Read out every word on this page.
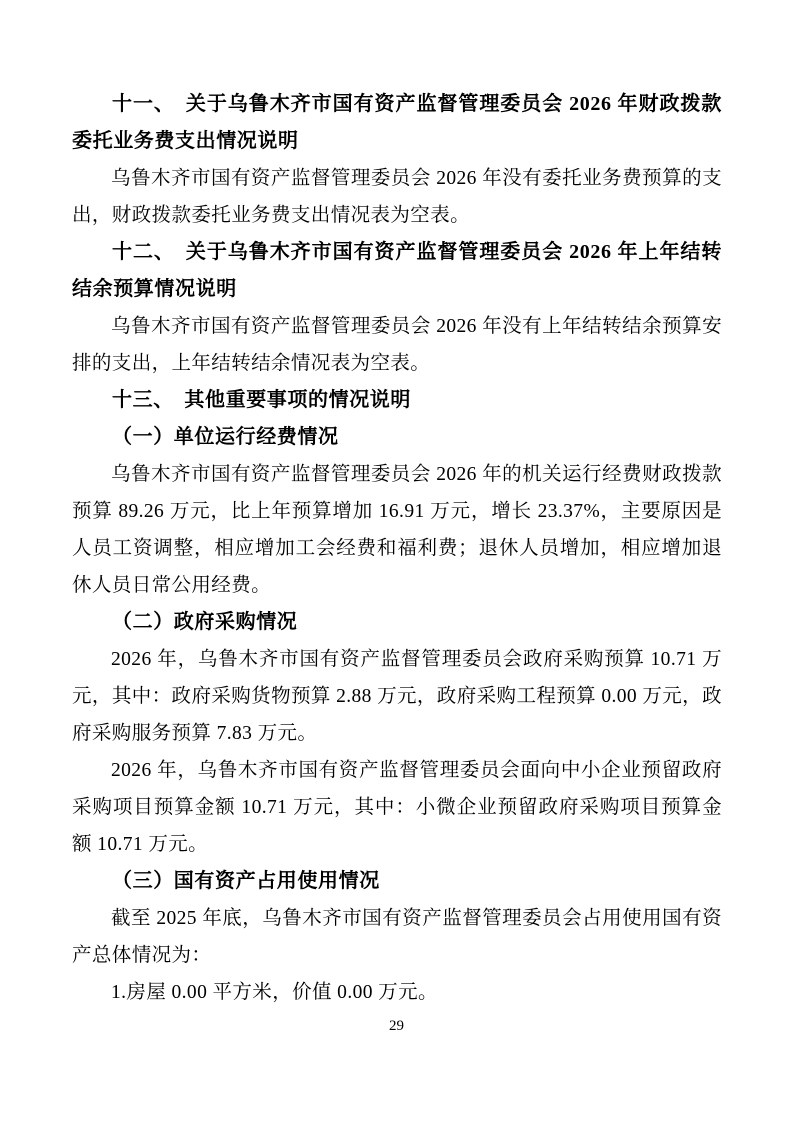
十一、　关于乌鲁木齐市国有资产监督管理委员会 2026 年财政拨款委托业务费支出情况说明

乌鲁木齐市国有资产监督管理委员会 2026 年没有委托业务费预算的支出，财政拨款委托业务费支出情况表为空表。

十二、　关于乌鲁木齐市国有资产监督管理委员会 2026 年上年结转结余预算情况说明

乌鲁木齐市国有资产监督管理委员会 2026 年没有上年结转结余预算安排的支出，上年结转结余情况表为空表。

十三、　其他重要事项的情况说明

（一）单位运行经费情况

乌鲁木齐市国有资产监督管理委员会 2026 年的机关运行经费财政拨款预算 89.26 万元，比上年预算增加 16.91 万元，增长 23.37%，主要原因是人员工资调整，相应增加工会经费和福利费；退休人员增加，相应增加退休人员日常公用经费。

（二）政府采购情况

2026 年，乌鲁木齐市国有资产监督管理委员会政府采购预算 10.71 万元，其中：政府采购货物预算 2.88 万元，政府采购工程预算 0.00 万元，政府采购服务预算 7.83 万元。

2026 年，乌鲁木齐市国有资产监督管理委员会面向中小企业预留政府采购项目预算金额 10.71 万元，其中：小微企业预留政府采购项目预算金额 10.71 万元。

（三）国有资产占用使用情况

截至 2025 年底，乌鲁木齐市国有资产监督管理委员会占用使用国有资产总体情况为：

1.房屋 0.00 平方米，价值 0.00 万元。

29
